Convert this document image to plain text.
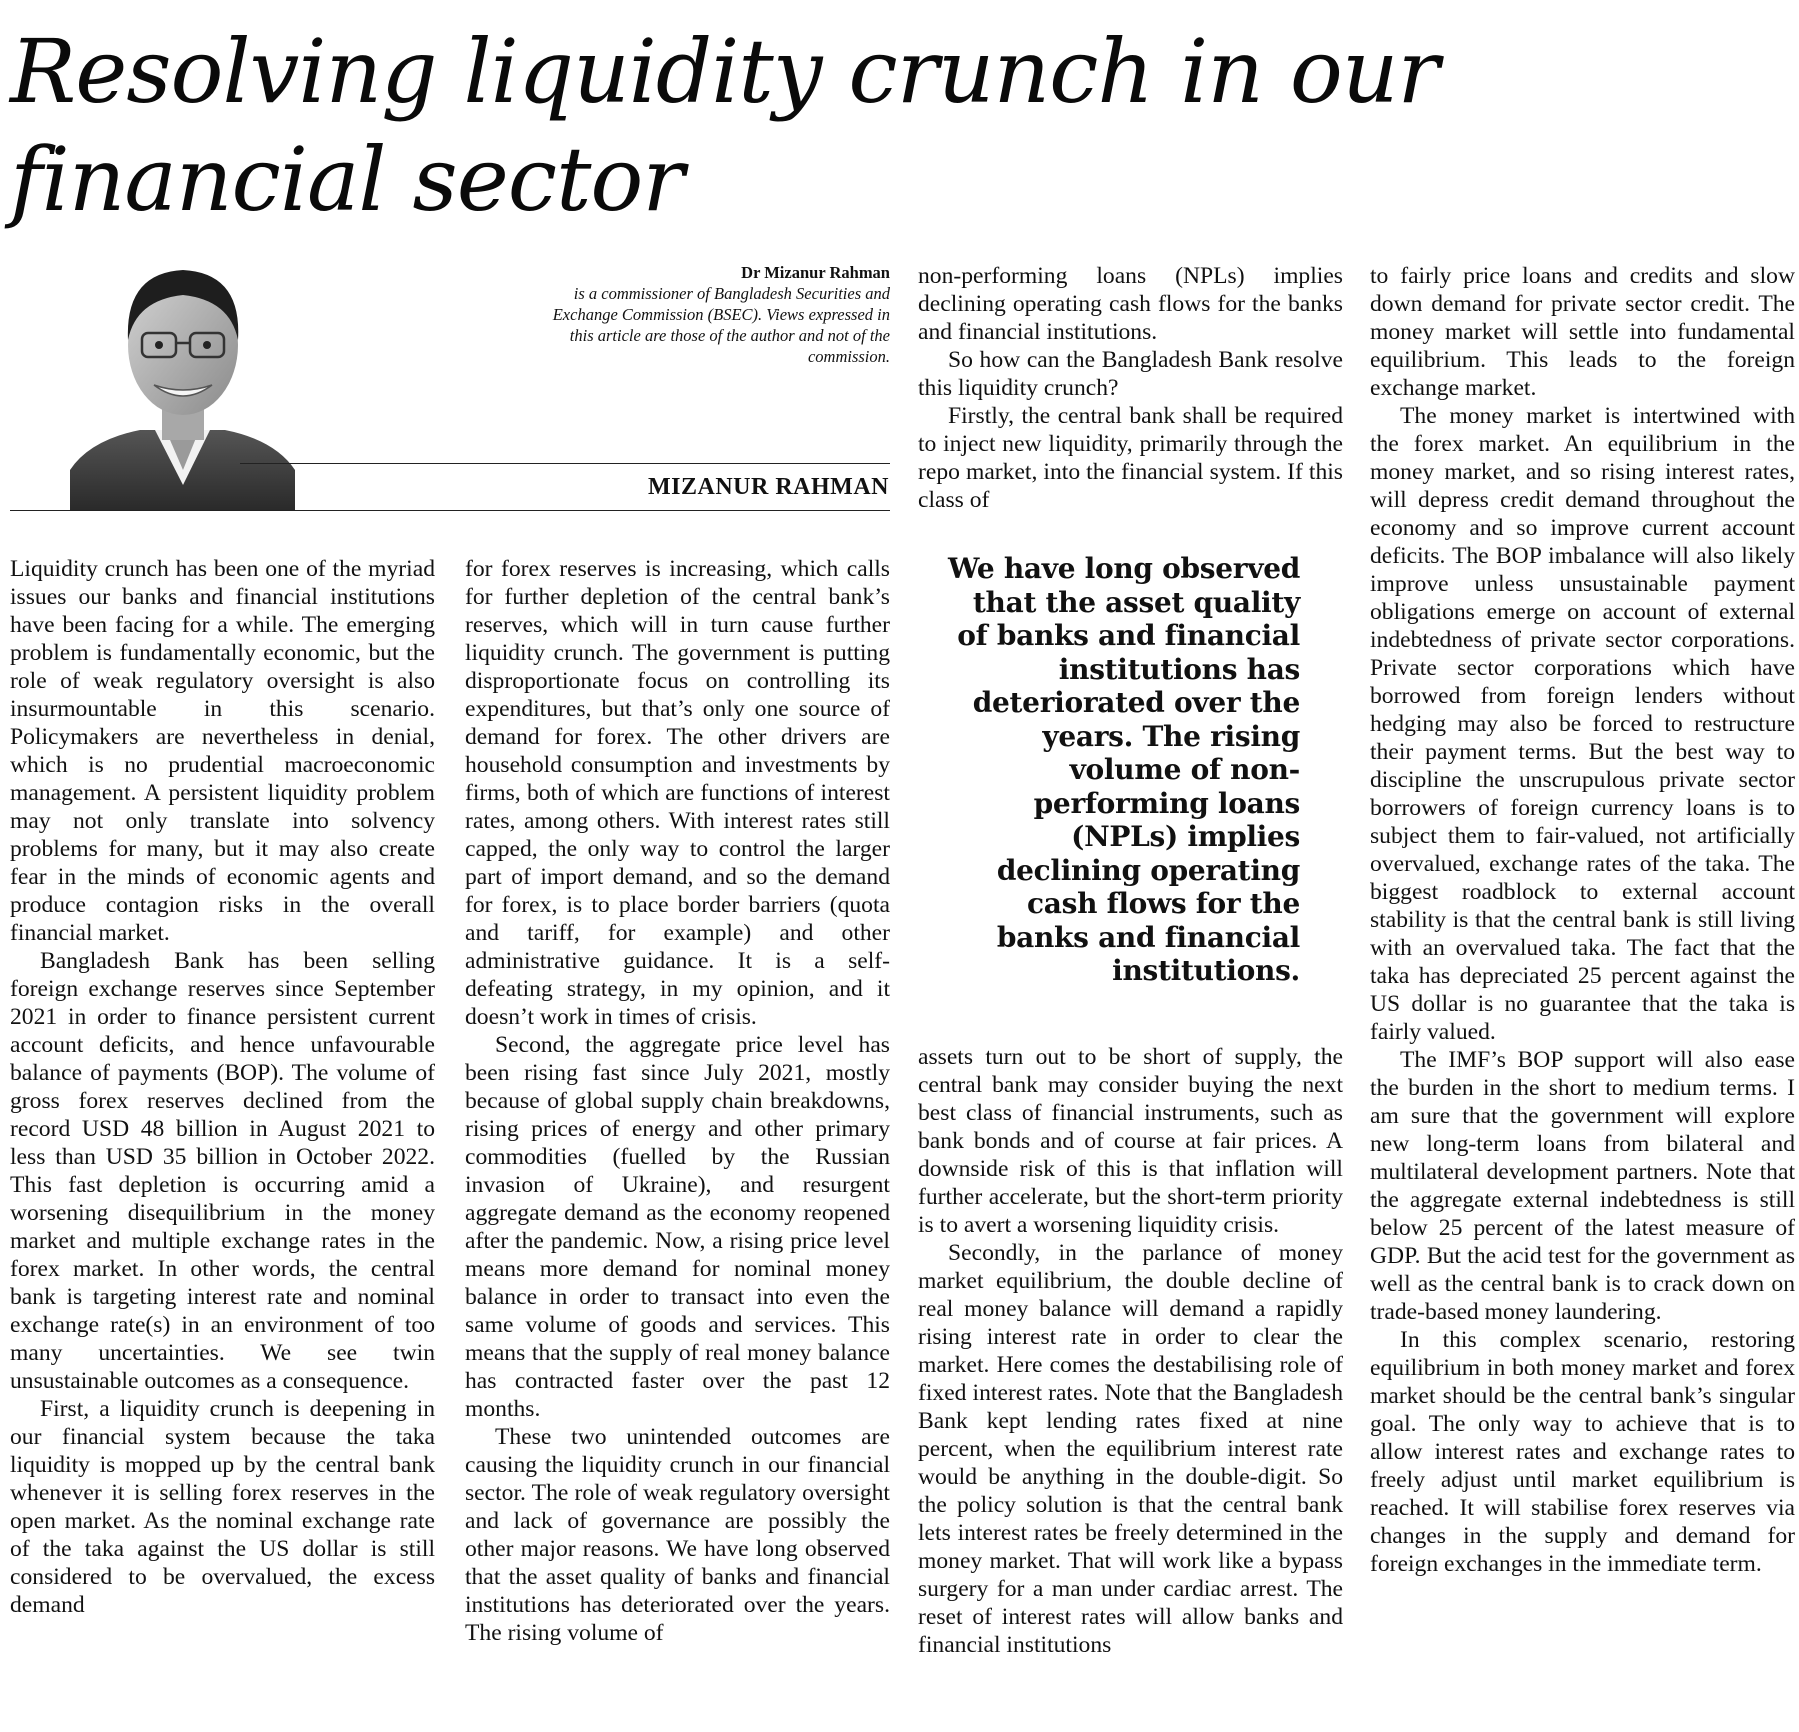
Resolving liquidity crunch in our financial sector
Dr Mizanur Rahman
is a commissioner of Bangladesh Securities and Exchange Commission (BSEC). Views expressed in this article are those of the author and not of the commission.
MIZANUR RAHMAN

Liquidity crunch has been one of the myriad issues our banks and financial institutions have been facing for a while. The emerging problem is fundamentally economic, but the role of weak regulatory oversight is also insurmountable in this scenario. Policymakers are nevertheless in denial, which is no prudential macroeconomic management. A persistent liquidity problem may not only translate into solvency problems for many, but it may also create fear in the minds of economic agents and produce contagion risks in the overall financial market.

Bangladesh Bank has been selling foreign exchange reserves since September 2021 in order to finance persistent current account deficits, and hence unfavourable balance of payments (BOP). The volume of gross forex reserves declined from the record USD 48 billion in August 2021 to less than USD 35 billion in October 2022. This fast depletion is occurring amid a worsening disequilibrium in the money market and multiple exchange rates in the forex market. In other words, the central bank is targeting interest rate and nominal exchange rate(s) in an environment of too many uncertainties. We see twin unsustainable outcomes as a consequence.

First, a liquidity crunch is deepening in our financial system because the taka liquidity is mopped up by the central bank whenever it is selling forex reserves in the open market. As the nominal exchange rate of the taka against the US dollar is still considered to be overvalued, the excess demand

for forex reserves is increasing, which calls for further depletion of the central bank’s reserves, which will in turn cause further liquidity crunch. The government is putting disproportionate focus on controlling its expenditures, but that’s only one source of demand for forex. The other drivers are household consumption and investments by firms, both of which are functions of interest rates, among others. With interest rates still capped, the only way to control the larger part of import demand, and so the demand for forex, is to place border barriers (quota and tariff, for example) and other administrative guidance. It is a self-defeating strategy, in my opinion, and it doesn’t work in times of crisis.

Second, the aggregate price level has been rising fast since July 2021, mostly because of global supply chain breakdowns, rising prices of energy and other primary commodities (fuelled by the Russian invasion of Ukraine), and resurgent aggregate demand as the economy reopened after the pandemic. Now, a rising price level means more demand for nominal money balance in order to transact into even the same volume of goods and services. This means that the supply of real money balance has contracted faster over the past 12 months.

These two unintended outcomes are causing the liquidity crunch in our financial sector. The role of weak regulatory oversight and lack of governance are possibly the other major reasons. We have long observed that the asset quality of banks and financial institutions has deteriorated over the years. The rising volume of

non-performing loans (NPLs) implies declining operating cash flows for the banks and financial institutions.

So how can the Bangladesh Bank resolve this liquidity crunch?

Firstly, the central bank shall be required to inject new liquidity, primarily through the repo market, into the financial system. If this class of

We have long observed that the asset quality of banks and financial institutions has deteriorated over the years. The rising volume of non-performing loans (NPLs) implies declining operating cash flows for the banks and financial institutions.

assets turn out to be short of supply, the central bank may consider buying the next best class of financial instruments, such as bank bonds and of course at fair prices. A downside risk of this is that inflation will further accelerate, but the short-term priority is to avert a worsening liquidity crisis.

Secondly, in the parlance of money market equilibrium, the double decline of real money balance will demand a rapidly rising interest rate in order to clear the market. Here comes the destabilising role of fixed interest rates. Note that the Bangladesh Bank kept lending rates fixed at nine percent, when the equilibrium interest rate would be anything in the double-digit. So the policy solution is that the central bank lets interest rates be freely determined in the money market. That will work like a bypass surgery for a man under cardiac arrest. The reset of interest rates will allow banks and financial institutions

to fairly price loans and credits and slow down demand for private sector credit. The money market will settle into fundamental equilibrium. This leads to the foreign exchange market.

The money market is intertwined with the forex market. An equilibrium in the money market, and so rising interest rates, will depress credit demand throughout the economy and so improve current account deficits. The BOP imbalance will also likely improve unless unsustainable payment obligations emerge on account of external indebtedness of private sector corporations. Private sector corporations which have borrowed from foreign lenders without hedging may also be forced to restructure their payment terms. But the best way to discipline the unscrupulous private sector borrowers of foreign currency loans is to subject them to fair-valued, not artificially overvalued, exchange rates of the taka. The biggest roadblock to external account stability is that the central bank is still living with an overvalued taka. The fact that the taka has depreciated 25 percent against the US dollar is no guarantee that the taka is fairly valued.

The IMF’s BOP support will also ease the burden in the short to medium terms. I am sure that the government will explore new long-term loans from bilateral and multilateral development partners. Note that the aggregate external indebtedness is still below 25 percent of the latest measure of GDP. But the acid test for the government as well as the central bank is to crack down on trade-based money laundering.

In this complex scenario, restoring equilibrium in both money market and forex market should be the central bank’s singular goal. The only way to achieve that is to allow interest rates and exchange rates to freely adjust until market equilibrium is reached. It will stabilise forex reserves via changes in the supply and demand for foreign exchanges in the immediate term.
